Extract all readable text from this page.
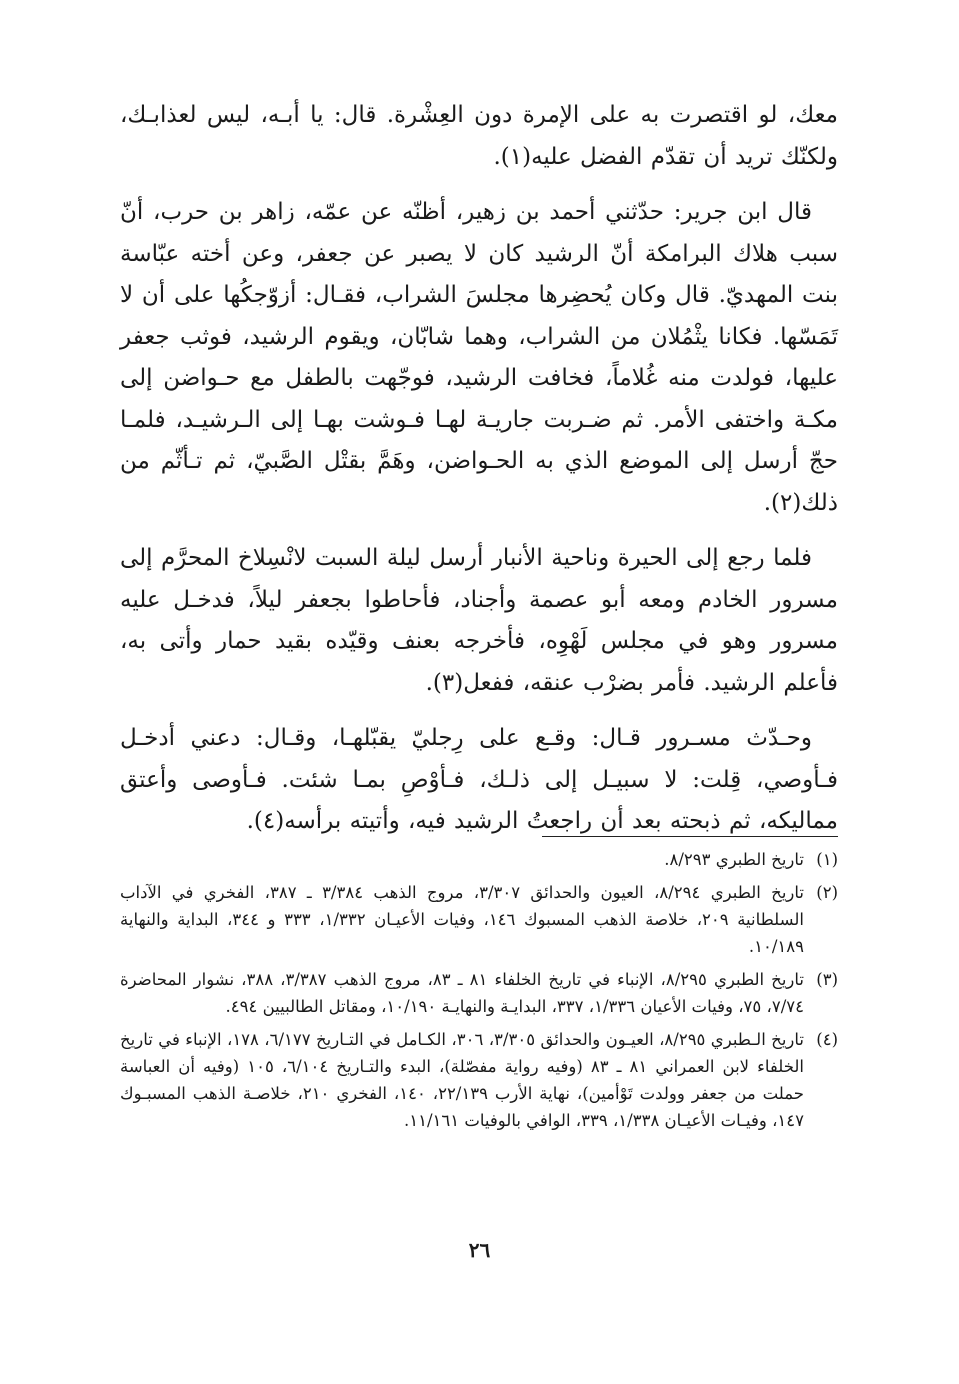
معك، لو اقتصرت به على الإمرة دون العِشْرة. قال: يا أبـه، ليس لعذابـك، ولكنّك تريد أن تقدّم الفضل عليه(١).

قال ابن جرير: حدّثني أحمد بن زهير، أظنّه عن عمّه، زاهر بن حرب، أنّ سبب هلاك البرامكة أنّ الرشيد كان لا يصبر عن جعفر، وعن أخته عبّاسة بنت المهديّ. قال وكان يُحضِرها مجلسَ الشراب، فقـال: أزوّجكُها على أن لا تَمَسّها. فكانا يثْمُلان من الشراب، وهما شابّان، ويقوم الرشيد، فوثب جعفر عليها، فولدت منه غُلاماً، فخافت الرشيد، فوجّهت بالطفل مع حـواضن إلى مكـة واختفى الأمر. ثم ضـربت جاريـة لهـا فـوشت بهـا إلى الـرشيـد، فلمـا حجّ أرسل إلى الموضع الذي به الحـواضن، وهَمَّ بقتْل الصَّبيّ، ثم تـأثّم من ذلك(٢).

فلما رجع إلى الحيرة وناحية الأنبار أرسل ليلة السبت لانْسِلاخ المحرَّم إلى مسرور الخادم ومعه أبو عصمة وأجناد، فأحاطوا بجعفر ليلاً، فدخـل عليه مسرور وهو في مجلس لَهْوِه، فأخرجه بعنف وقيّده بقيد حمار وأتى به، فأعلم الرشيد. فأمر بضرْب عنقه، ففعل(٣).

وحـدّث مسـرور قـال: وقـع على رِجليّ يقبّلهـا، وقـال: دعني أدخـل فـأوصي، قِلت: لا سبيـل إلى ذلـك، فـأوْصِ بمـا شئت. فـأوصى وأعتق مماليكه، ثم ذبحته بعد أن راجعتُ الرشيد فيه، وأتيته برأسه(٤).

(١)
تاريخ الطبري ٨/٢٩٣.
(٢)
تاريخ الطبري ٨/٢٩٤، العيون والحدائق ٣/٣٠٧، مروج الذهب ٣/٣٨٤ ـ ٣٨٧، الفخري في الآداب السلطانية ٢٠٩، خلاصة الذهب المسبوك ١٤٦، وفيات الأعيـان ١/٣٣٢، ٣٣٣ و ٣٤٤، البداية والنهاية ١٠/١٨٩.
(٣)
تاريخ الطبري ٨/٢٩٥، الإنباء في تاريخ الخلفاء ٨١ ـ ٨٣، مروج الذهب ٣/٣٨٧، ٣٨٨، نشوار المحاضرة ٧/٧٤، ٧٥، وفيات الأعيان ١/٣٣٦، ٣٣٧، البدايـة والنهايـة ١٠/١٩٠، ومقاتل الطالبيين ٤٩٤.
(٤)
تاريخ الـطبري ٨/٢٩٥، العيـون والحدائق ٣/٣٠٥، ٣٠٦، الكـامل في التـاريخ ٦/١٧٧، ١٧٨، الإنباء في تاريخ الخلفاء لابن العمراني ٨١ ـ ٨٣ (وفيه رواية مفصّلة)، البدء والتـاريخ ٦/١٠٤، ١٠٥ (وفيه أن العباسة حملت من جعفر وولدت تَوْأمين)، نهاية الأرب ٢٢/١٣٩، ١٤٠، الفخري ٢١٠، خلاصـة الذهب المسبـوك ١٤٧، وفيـات الأعيـان ١/٣٣٨، ٣٣٩، الوافي بالوفيات ١١/١٦١.
٢٦
